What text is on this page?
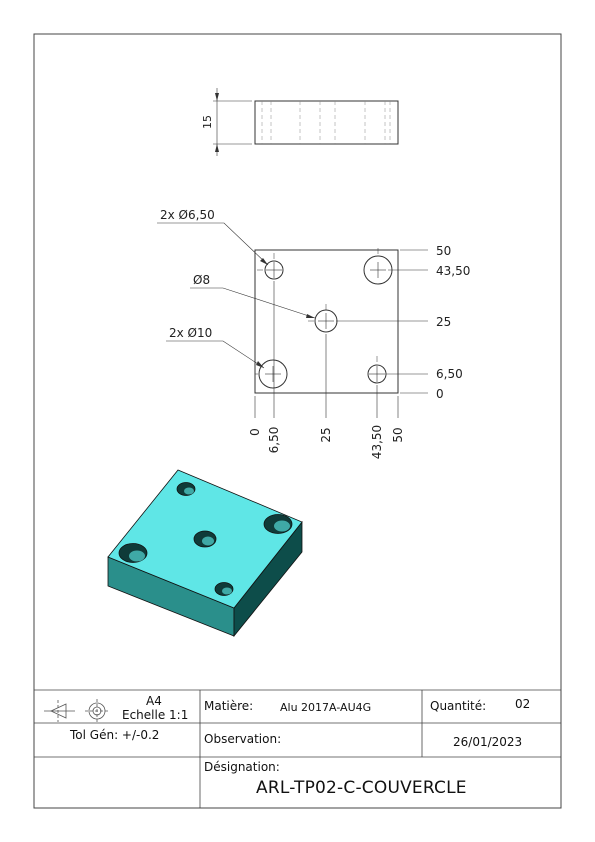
15
50
43,50
25
6,50
0
0 6,50	25	43,50 50
2x Ø6,50
Ø8
2x Ø10
A4
Echelle 1:1
Tol Gén: +/-0.2
Matière: Alu 2017A-AU4G	Quantité: 02
Observation:	26/01/2023
Désignation:
ARL-TP02-C-COUVERCLE
